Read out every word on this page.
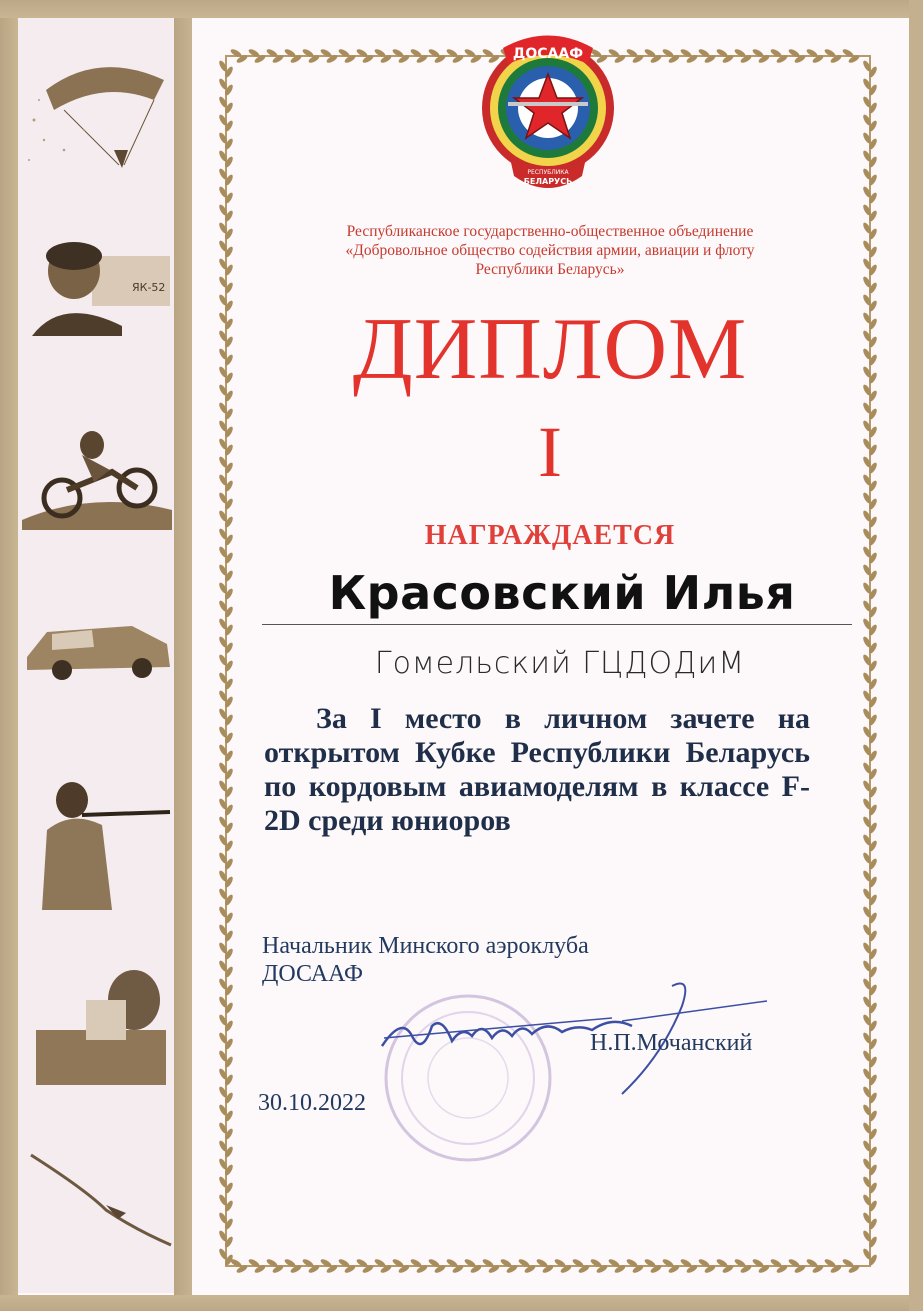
ЯК-52
ДОСААФ
РЕСПУБЛИКА
БЕЛАРУСЬ
Республиканское государственно-общественное объединение
«Добровольное общество содействия армии, авиации и флоту
Республики Беларусь»
ДИПЛОМ
I
НАГРАЖДАЕТСЯ
Красовский Илья
Гомельский ГЦДОДиМ
За I место в личном зачете на открытом Кубке Республики Беларусь по кордовым авиамоделям в классе F-2D среди юниоров
Начальник Минского аэроклуба
ДОСААФ
Н.П.Мочанский
30.10.2022
